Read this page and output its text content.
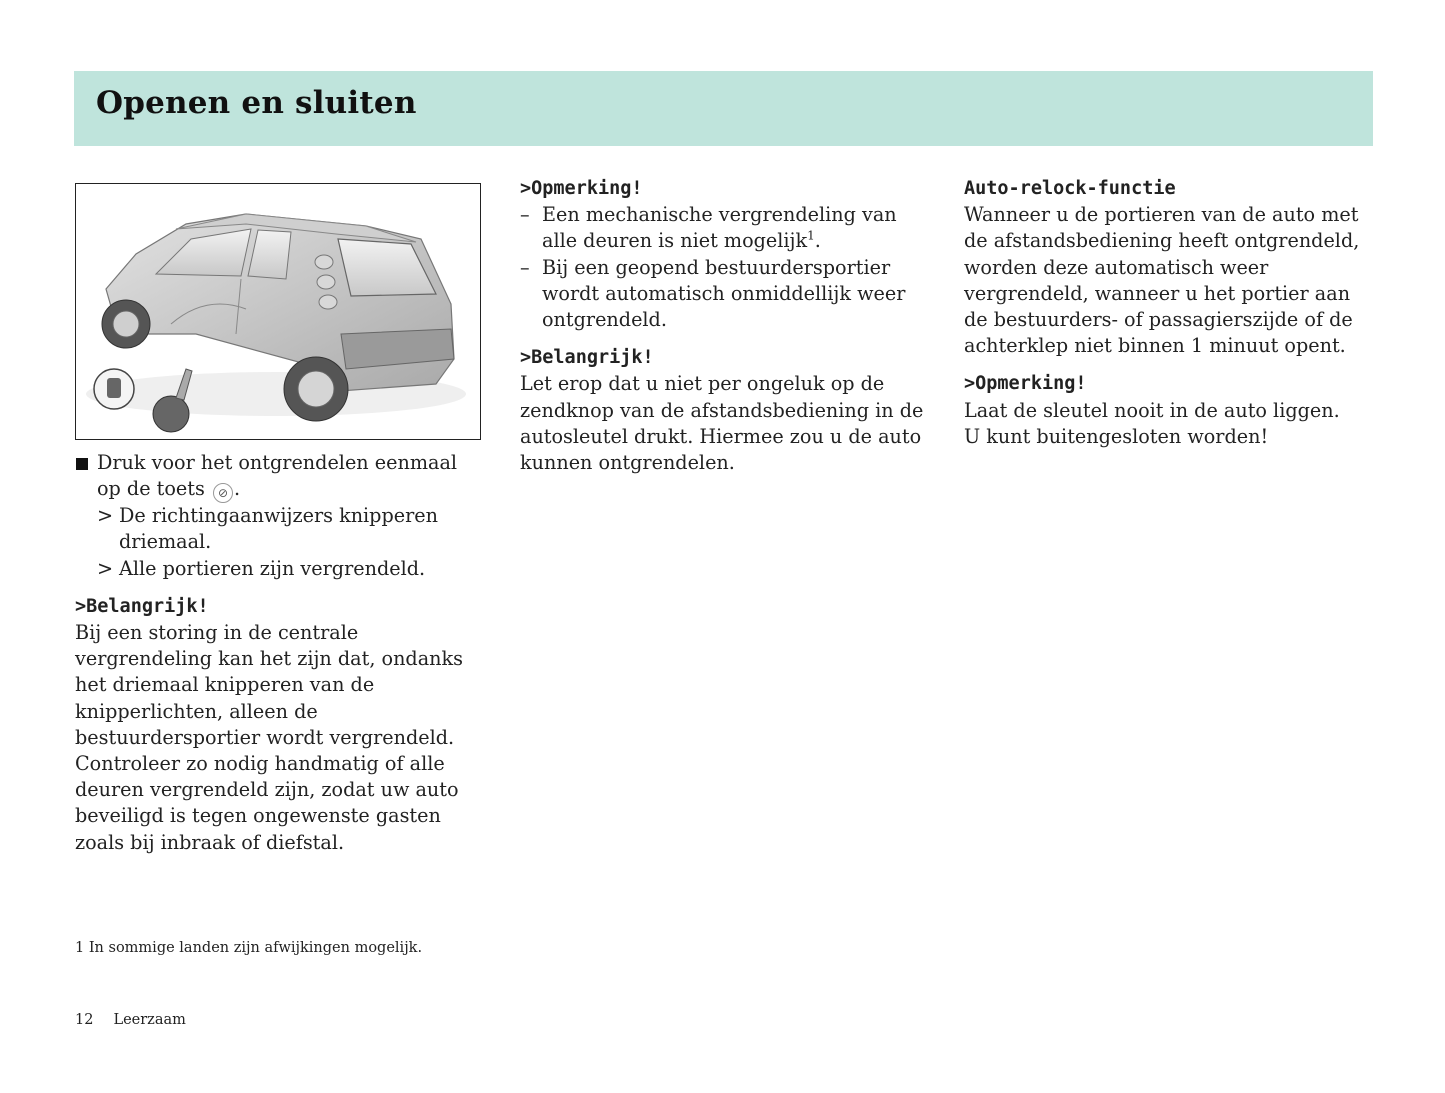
Openen en sluiten
Druk voor het ontgrendelen eenmaal op de toets ⊘ .
> De richtingaanwijzers knipperen driemaal.
> Alle portieren zijn vergrendeld.
>Belangrijk!

Bij een storing in de centrale vergrendeling kan het zijn dat, ondanks het driemaal knipperen van de knipperlichten, alleen de bestuurdersportier wordt vergrendeld. Controleer zo nodig handmatig of alle deuren vergrendeld zijn, zodat uw auto beveiligd is tegen ongewenste gasten zoals bij inbraak of diefstal.

>Opmerking!
– Een mechanische vergrendeling van alle deuren is niet mogelijk$^1$.
– Bij een geopend bestuurdersportier wordt automatisch onmiddellijk weer ontgrendeld.
>Belangrijk!

Let erop dat u niet per ongeluk op de zendknop van de afstandsbediening in de autosleutel drukt. Hiermee zou u de auto kunnen ontgrendelen.

Auto-relock-functie

Wanneer u de portieren van de auto met de afstandsbediening heeft ontgrendeld, worden deze automatisch weer vergrendeld, wanneer u het portier aan de bestuurders- of passagierszijde of de achterklep niet binnen 1 minuut opent.

>Opmerking!

Laat de sleutel nooit in de auto liggen.

U kunt buitengesloten worden!

1 In sommige landen zijn afwijkingen mogelijk.
12 Leerzaam
